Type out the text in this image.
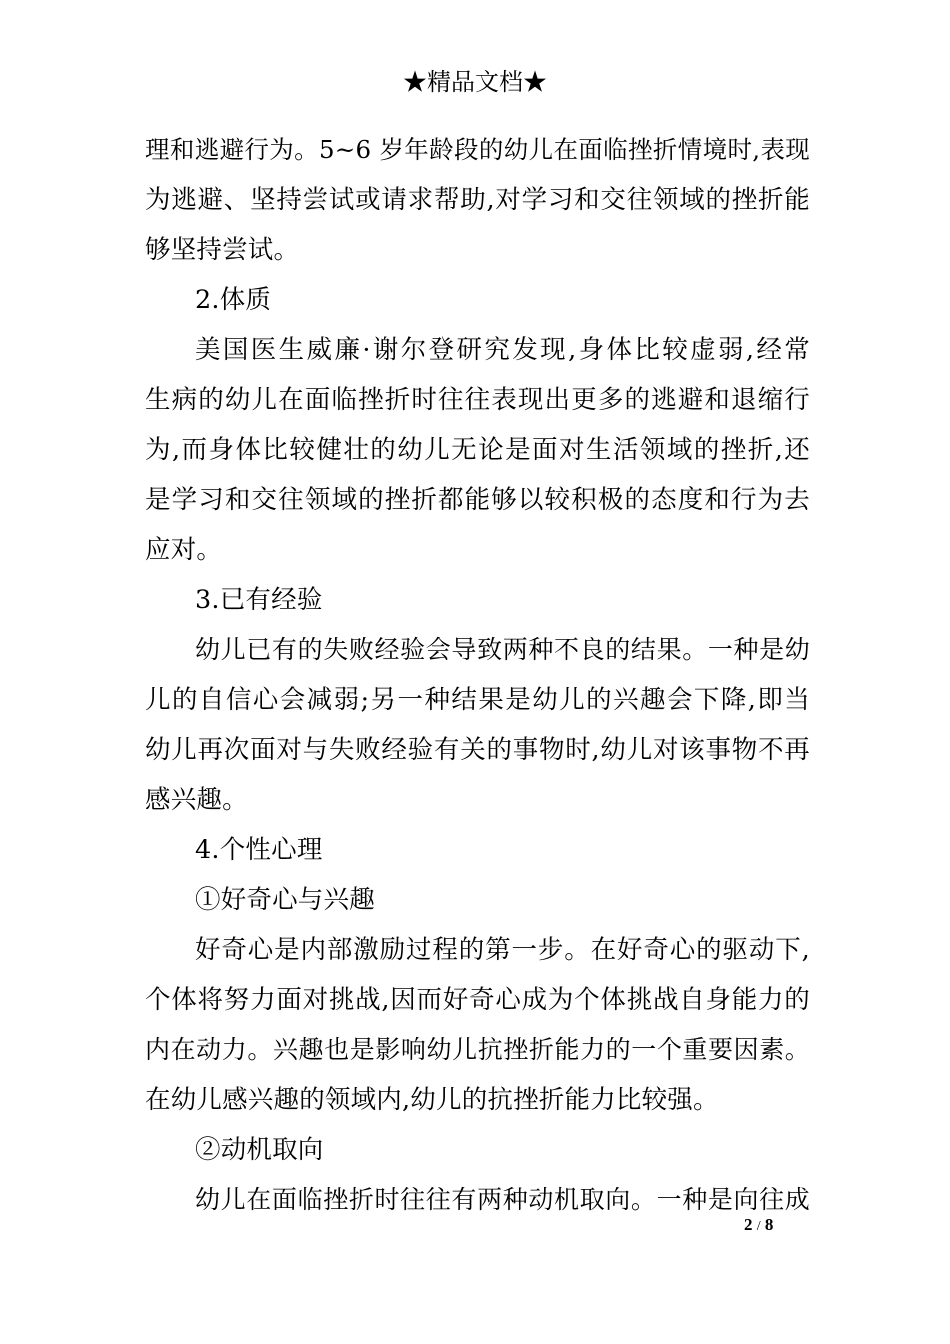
★精品文档★
理和逃避行为。5~6 岁年龄段的幼儿在面临挫折情境时,表现
为逃避、坚持尝试或请求帮助,对学习和交往领域的挫折能
够坚持尝试。
2.体质
美国医生威廉·谢尔登研究发现,身体比较虚弱,经常
生病的幼儿在面临挫折时往往表现出更多的逃避和退缩行
为,而身体比较健壮的幼儿无论是面对生活领域的挫折,还
是学习和交往领域的挫折都能够以较积极的态度和行为去
应对。
3.已有经验
幼儿已有的失败经验会导致两种不良的结果。一种是幼
儿的自信心会减弱;另一种结果是幼儿的兴趣会下降,即当
幼儿再次面对与失败经验有关的事物时,幼儿对该事物不再
感兴趣。
4.个性心理
①好奇心与兴趣
好奇心是内部激励过程的第一步。在好奇心的驱动下,
个体将努力面对挑战,因而好奇心成为个体挑战自身能力的
内在动力。兴趣也是影响幼儿抗挫折能力的一个重要因素。
在幼儿感兴趣的领域内,幼儿的抗挫折能力比较强。
②动机取向
幼儿在面临挫折时往往有两种动机取向。一种是向往成
2 / 8
